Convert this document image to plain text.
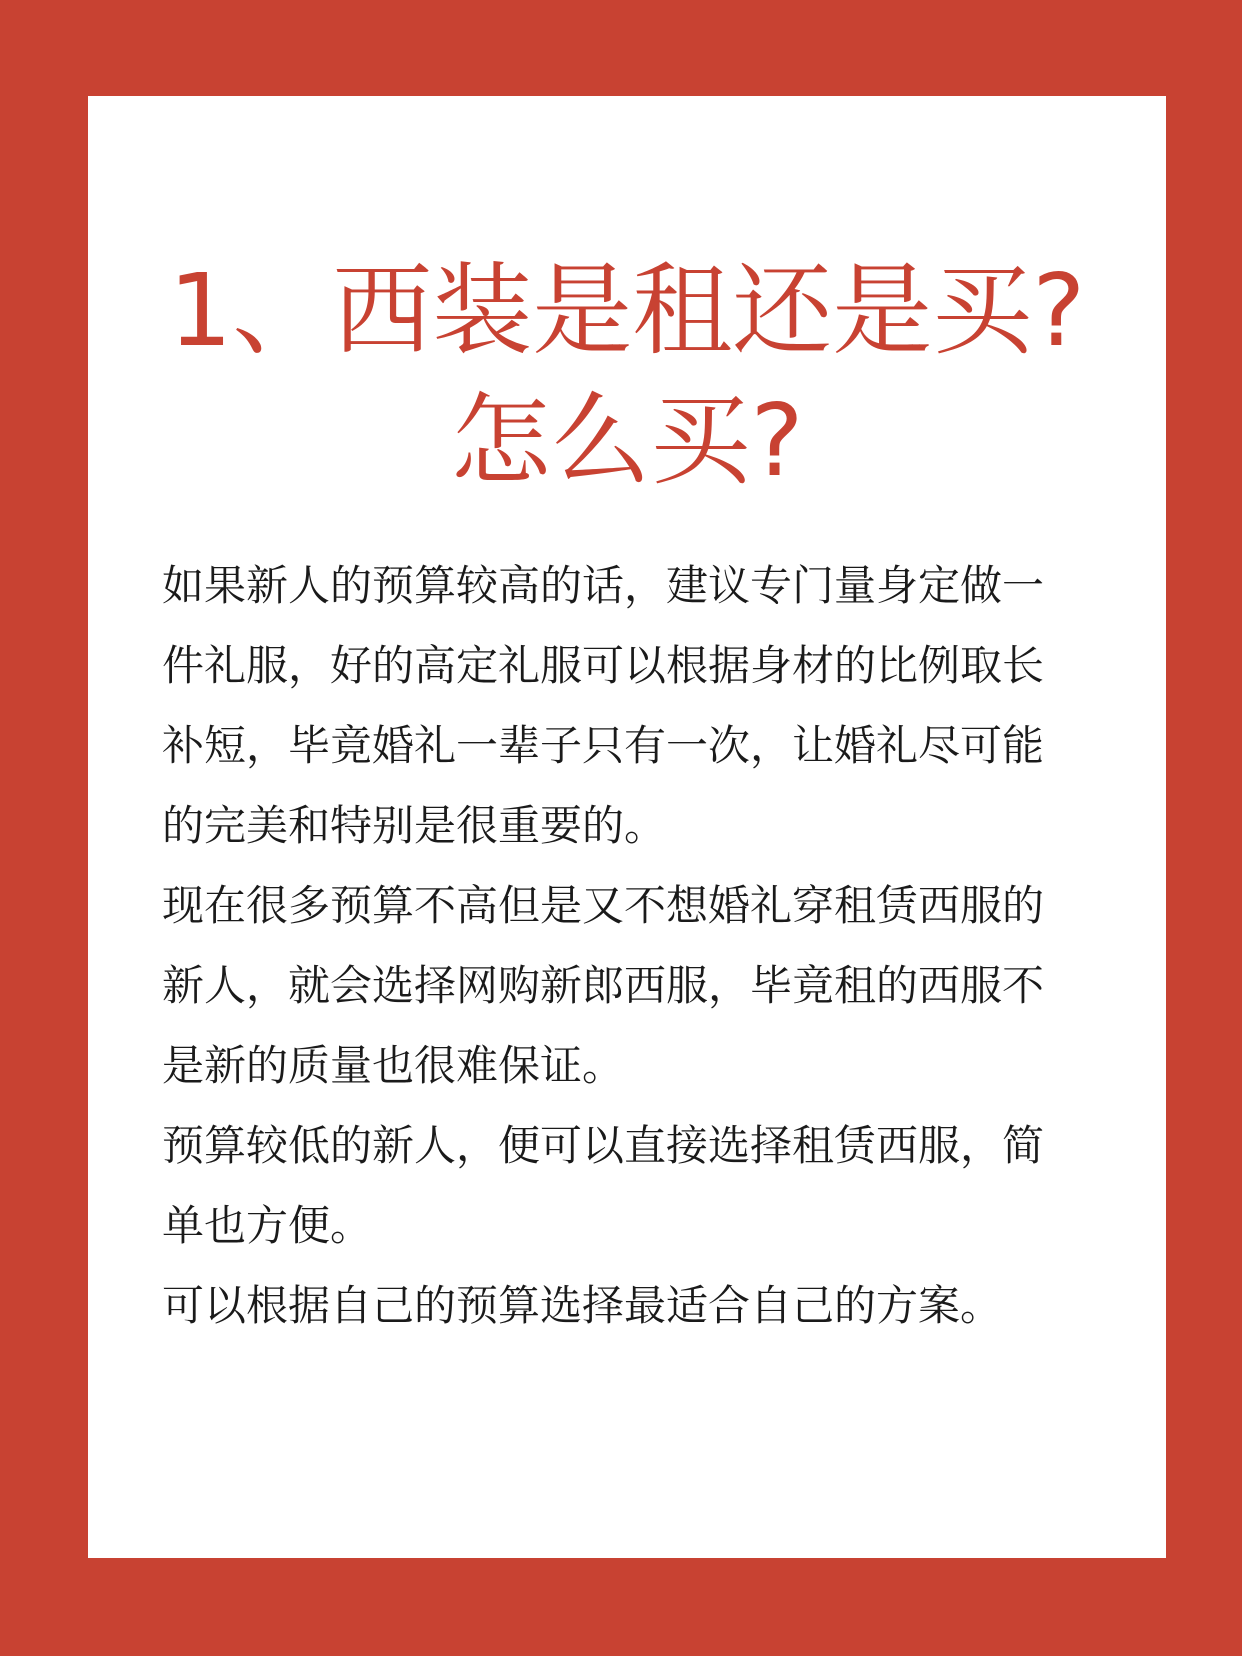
1、西装是租还是买?
怎么买?

如果新人的预算较高的话，建议专门量身定做一件礼服，好的高定礼服可以根据身材的比例取长补短，毕竟婚礼一辈子只有一次，让婚礼尽可能的完美和特别是很重要的。

现在很多预算不高但是又不想婚礼穿租赁西服的新人，就会选择网购新郎西服，毕竟租的西服不是新的质量也很难保证。

预算较低的新人，便可以直接选择租赁西服，简单也方便。

可以根据自己的预算选择最适合自己的方案。
